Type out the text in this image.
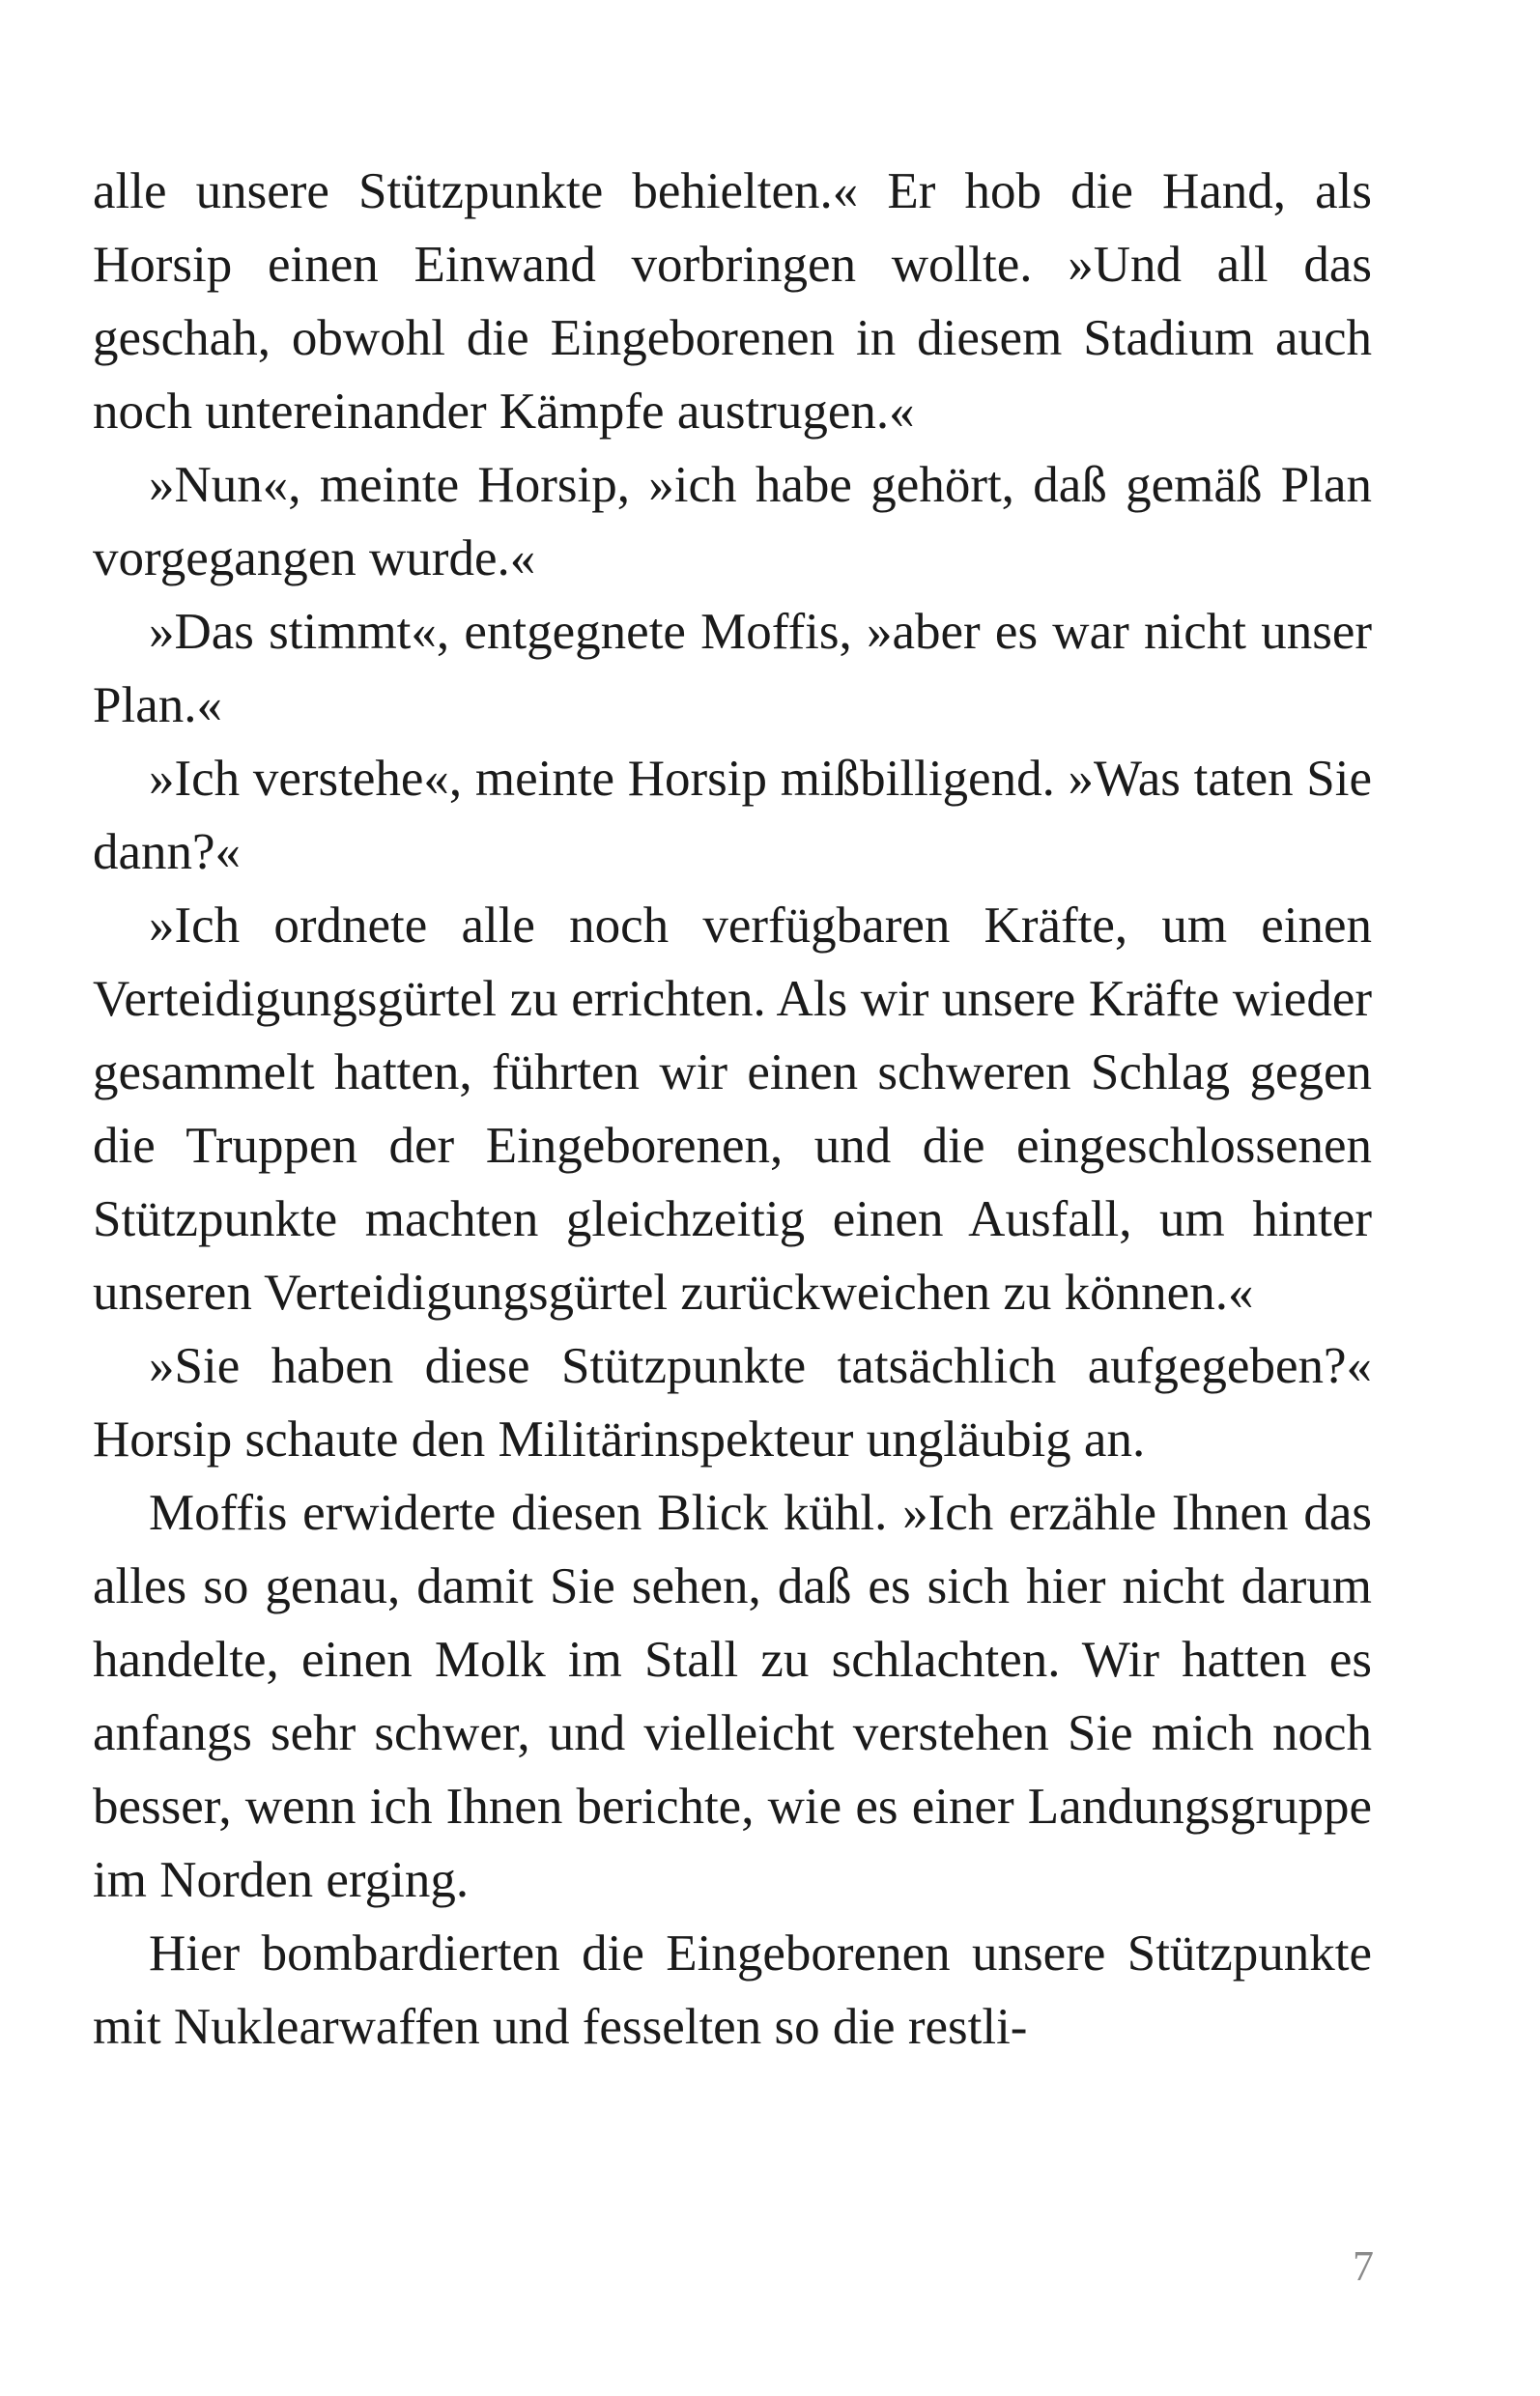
alle unsere Stützpunkte behielten.« Er hob die Hand, als Horsip einen Einwand vorbringen wollte. »Und all das geschah, obwohl die Eingeborenen in diesem Stadium auch noch untereinander Kämpfe austrugen.«

»Nun«, meinte Horsip, »ich habe gehört, daß gemäß Plan vorgegangen wurde.«

»Das stimmt«, entgegnete Moffis, »aber es war nicht unser Plan.«

»Ich verstehe«, meinte Horsip mißbilligend. »Was taten Sie dann?«

»Ich ordnete alle noch verfügbaren Kräfte, um einen Verteidigungsgürtel zu errichten. Als wir unsere Kräfte wieder gesammelt hatten, führten wir einen schweren Schlag gegen die Truppen der Eingeborenen, und die eingeschlossenen Stützpunkte machten gleichzeitig einen Ausfall, um hinter unseren Verteidigungsgürtel zurückweichen zu können.«

»Sie haben diese Stützpunkte tatsächlich aufgegeben?« Horsip schaute den Militärinspekteur ungläubig an.

Moffis erwiderte diesen Blick kühl. »Ich erzähle Ihnen das alles so genau, damit Sie sehen, daß es sich hier nicht darum handelte, einen Molk im Stall zu schlachten. Wir hatten es anfangs sehr schwer, und vielleicht verstehen Sie mich noch besser, wenn ich Ihnen berichte, wie es einer Landungsgruppe im Norden erging.

Hier bombardierten die Eingeborenen unsere Stützpunkte mit Nuklearwaffen und fesselten so die restli-

7
